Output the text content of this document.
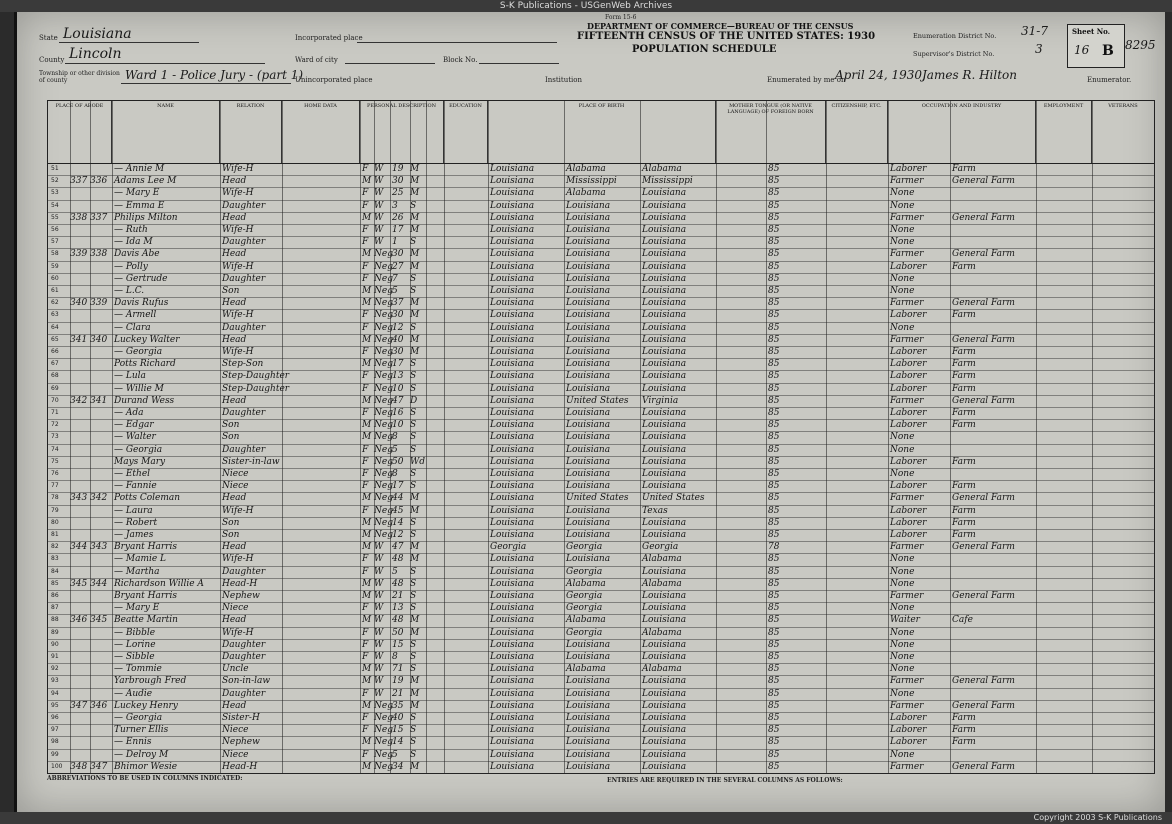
S-K Publications - USGenWeb Archives
Form 15-6
DEPARTMENT OF COMMERCE—BUREAU OF THE CENSUS
FIFTEENTH CENSUS OF THE UNITED STATES: 1930
POPULATION SCHEDULE
State Louisiana
County Lincoln
Township or other division of county	Ward 1 - Police Jury - (part 1)
Incorporated place
Ward of city	Block No.
Unincorporated place	Institution
Enumeration District No. 31-7
Supervisor's District No.	3
Sheet No.
16 B 8295
Enumerated by me on
April 24, 1930,
James R. Hilton	Enumerator.
PLACE OF ABODE	NAME	RELATION	HOME DATA	PERSONAL DESCRIPTION	EDUCATION	PLACE OF BIRTH	MOTHER TONGUE (OR NATIVE LANGUAGE) OF FOREIGN BORN
CITIZENSHIP, ETC.	OCCUPATION AND INDUSTRY	EMPLOYMENT	VETERANS
51	— Annie M	Wife-H	F W 19 M	Louisiana	Alabama	Alabama	85	Laborer	Farm
52 337 336 Adams Lee M	Head	M W 30 M	Louisiana	Mississippi	Mississippi	85	Farmer	General Farm
53	— Mary E	Wife-H	F W 25 M	Louisiana	Alabama	Louisiana	85	None
54	— Emma E	Daughter	F W 3	S	Louisiana	Louisiana	Louisiana	85	None
55 338 337 Philips Milton	Head	M W 26 M	Louisiana	Louisiana	Louisiana	85	Farmer	General Farm
56	— Ruth	Wife-H	F W 17 M	Louisiana	Louisiana	Louisiana	85	None
57	— Ida M	Daughter	F W 1	S	Louisiana	Louisiana	Louisiana	85	None
58 339 338 Davis Abe	Head	M Neg 30 M	Louisiana	Louisiana	Louisiana	85	Farmer	General Farm
59	— Polly	Wife-H	F Neg 27 M	Louisiana	Louisiana	Louisiana	85	Laborer	Farm
60	— Gertrude	Daughter	F Neg 7	S	Louisiana	Louisiana	Louisiana	85	None
61	— L.C.	Son	M Neg 5	S	Louisiana	Louisiana	Louisiana	85	None
62 340 339 Davis Rufus	Head	M Neg 37 M	Louisiana	Louisiana	Louisiana	85	Farmer	General Farm
63	— Armell	Wife-H	F Neg 30 M	Louisiana	Louisiana	Louisiana	85	Laborer	Farm
64	— Clara	Daughter	F Neg 12 S	Louisiana	Louisiana	Louisiana	85	None
65 341 340 Luckey Walter	Head	M Neg 40 M	Louisiana	Louisiana	Louisiana	85	Farmer	General Farm
66	— Georgia	Wife-H	F Neg 30 M	Louisiana	Louisiana	Louisiana	85	Laborer	Farm
67	Potts Richard	Step-Son	M Neg 17 S	Louisiana	Louisiana	Louisiana	85	Laborer	Farm
68	— Lula	Step-Daughter	F Neg 13 S	Louisiana	Louisiana	Louisiana	85	Laborer	Farm
69	— Willie M	Step-Daughter	F Neg 10 S	Louisiana	Louisiana	Louisiana	85	Laborer	Farm
70 342 341 Durand Wess	Head	M Neg 47 D	Louisiana	United States	Virginia	85	Farmer	General Farm
71	— Ada	Daughter	F Neg 16 S	Louisiana	Louisiana	Louisiana	85	Laborer	Farm
72	— Edgar	Son	M Neg 10 S	Louisiana	Louisiana	Louisiana	85	Laborer	Farm
73	— Walter	Son	M Neg 8	S	Louisiana	Louisiana	Louisiana	85	None
74	— Georgia	Daughter	F Neg 5	S	Louisiana	Louisiana	Louisiana	85	None
75	Mays Mary	Sister-in-law	F Neg 50 Wd	Louisiana	Louisiana	Louisiana	85	Laborer	Farm
76	— Ethel	Niece	F Neg 8	S	Louisiana	Louisiana	Louisiana	85	None
77	— Fannie	Niece	F Neg 17 S	Louisiana	Louisiana	Louisiana	85	Laborer	Farm
78 343 342 Potts Coleman	Head	M Neg 44 M	Louisiana	United States	United States	85	Farmer	General Farm
79	— Laura	Wife-H	F Neg 45 M	Louisiana	Louisiana	Texas	85	Laborer	Farm
80	— Robert	Son	M Neg 14 S	Louisiana	Louisiana	Louisiana	85	Laborer	Farm
81	— James	Son	M Neg 12 S	Louisiana	Louisiana	Louisiana	85	Laborer	Farm
82 344 343 Bryant Harris	Head	M W 47 M	Georgia	Georgia	Georgia	78	Farmer	General Farm
83	— Mamie L	Wife-H	F W 48 M	Louisiana	Louisiana	Alabama	85	None
84	— Martha	Daughter	F W 5	S	Louisiana	Georgia	Louisiana	85	None
85 345 344 Richardson Willie A	Head-H	M W 48 S	Louisiana	Alabama	Alabama	85	None
86	Bryant Harris	Nephew	M W 21 S	Louisiana	Georgia	Louisiana	85	Farmer	General Farm
87	— Mary E	Niece	F W 13 S	Louisiana	Georgia	Louisiana	85	None
88 346 345 Beatte Martin	Head	M W 48 M	Louisiana	Alabama	Louisiana	85	Waiter	Cafe
89	— Bibble	Wife-H	F W 50 M	Louisiana	Georgia	Alabama	85	None
90	— Lorine	Daughter	F W 15 S	Louisiana	Louisiana	Louisiana	85	None
91	— Sibble	Daughter	F W 8	S	Louisiana	Louisiana	Louisiana	85	None
92	— Tommie	Uncle	M W 71 S	Louisiana	Alabama	Alabama	85	None
93	Yarbrough Fred	Son-in-law	M W 19 M	Louisiana	Louisiana	Louisiana	85	Farmer	General Farm
94	— Audie	Daughter	F W 21 M	Louisiana	Louisiana	Louisiana	85	None
95 347 346 Luckey Henry	Head	M Neg 35 M	Louisiana	Louisiana	Louisiana	85	Farmer	General Farm
96	— Georgia	Sister-H	F Neg 40 S	Louisiana	Louisiana	Louisiana	85	Laborer	Farm
97	Turner Ellis	Niece	F Neg 15 S	Louisiana	Louisiana	Louisiana	85	Laborer	Farm
98	— Ennis	Nephew	M Neg 14 S	Louisiana	Louisiana	Louisiana	85	Laborer	Farm
99	— Delroy M	Niece	F Neg 5	S	Louisiana	Louisiana	Louisiana	85	None
100 348 347 Bhimor Wesie	Head-H	M Neg 34 M	Louisiana	Louisiana	Louisiana	85	Farmer	General Farm
ABBREVIATIONS TO BE USED IN COLUMNS INDICATED:	ENTRIES ARE REQUIRED IN THE SEVERAL COLUMNS AS FOLLOWS:
Copyright 2003 S-K Publications
